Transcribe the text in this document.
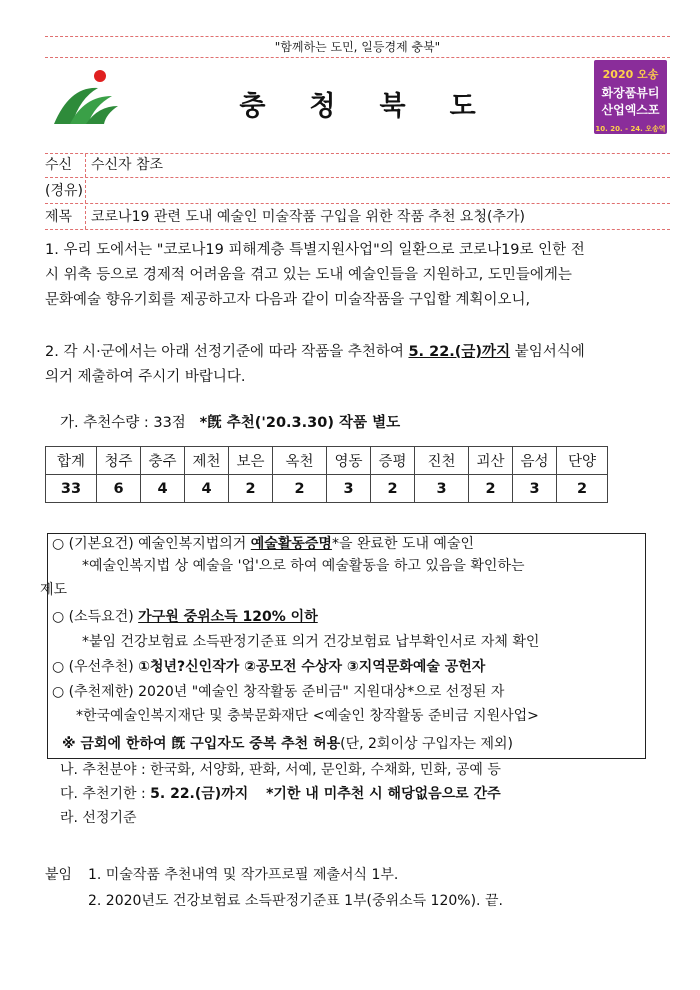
"함께하는 도민, 일등경제 충북"
충청북도
2020 오송
화장품뷰티
산업엑스포
10. 20. - 24. 오송역
수신	수신자 참조
(경유)
제목	코로나19 관련 도내 예술인 미술작품 구입을 위한 작품 추천 요청(추가)
1. 우리 도에서는 "코로나19 피해계층 특별지원사업"의 일환으로 코로나19로 인한 전
시 위축 등으로 경제적 어려움을 겪고 있는 도내 예술인들을 지원하고, 도민들에게는
문화예술 향유기회를 제공하고자 다음과 같이 미술작품을 구입할 계획이오니,
2. 각 시·군에서는 아래 선정기준에 따라 작품을 추천하여 5. 22.(금)까지 붙임서식에
의거 제출하여 주시기 바랍니다.
가. 추천수량 : 33점 *旣 추천('20.3.30) 작품 별도
합계	청주	충주	제천	보은	옥천	영동	증평	진천	괴산	음성	단양
33	6	4	4	2	2	3	2	3	2	3	2
○ (기본요건) 예술인복지법의거 예술활동증명*을 완료한 도내 예술인
*예술인복지법 상 예술을 '업'으로 하여 예술활동을 하고 있음을 확인하는
제도
○ (소득요건) 가구원 중위소득 120% 이하
*붙임 건강보험료 소득판정기준표 의거 건강보험료 납부확인서로 자체 확인
○ (우선추천) ①청년?신인작가 ②공모전 수상자 ③지역문화예술 공헌자
○ (추천제한) 2020년 "예술인 창작활동 준비금" 지원대상*으로 선정된 자
*한국예술인복지재단 및 충북문화재단 <예술인 창작활동 준비금 지원사업>
※ 금회에 한하여 旣 구입자도 중복 추천 허용(단, 2회이상 구입자는 제외)
나. 추천분야 : 한국화, 서양화, 판화, 서예, 문인화, 수채화, 민화, 공예 등
다. 추천기한 : 5. 22.(금)까지 *기한 내 미추천 시 해당없음으로 간주
라. 선정기준
붙임 1. 미술작품 추천내역 및 작가프로필 제출서식 1부.
2. 2020년도 건강보험료 소득판정기준표 1부(중위소득 120%). 끝.
